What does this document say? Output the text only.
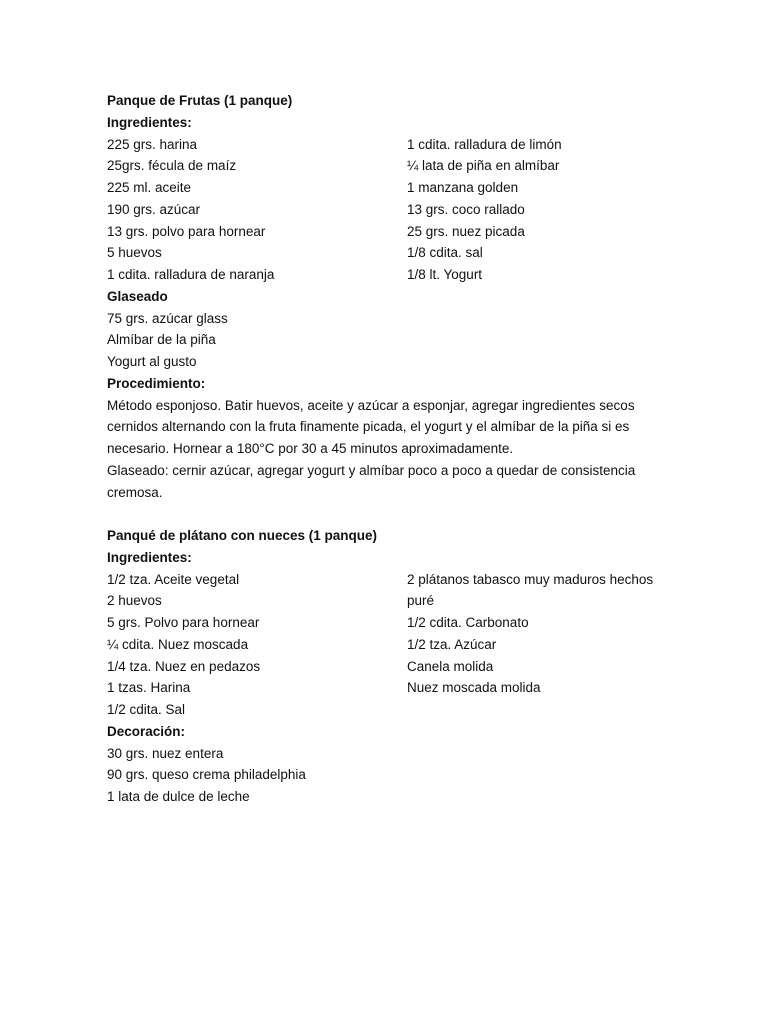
Panque de Frutas (1 panque)
Ingredientes:
225 grs. harina
25grs. fécula de maíz
225 ml. aceite
190 grs. azúcar
13 grs. polvo para hornear
5 huevos
1 cdita. ralladura de naranja
1 cdita. ralladura de limón
¼ lata de piña en almíbar
1 manzana golden
13 grs. coco rallado
25 grs. nuez picada
1/8 cdita. sal
1/8 lt. Yogurt
Glaseado
75 grs. azúcar glass
Almíbar de la piña
Yogurt al gusto
Procedimiento:
Método esponjoso. Batir huevos, aceite y azúcar a esponjar, agregar ingredientes secos cernidos alternando con la fruta finamente picada, el yogurt y el almíbar de la piña si es necesario. Hornear a 180°C por 30 a 45 minutos aproximadamente.
Glaseado: cernir azúcar, agregar yogurt y almíbar poco a poco a quedar de consistencia cremosa.
Panqué de plátano con nueces (1 panque)
Ingredientes:
1/2 tza. Aceite vegetal
2 huevos
5 grs. Polvo para hornear
¼ cdita. Nuez moscada
1/4 tza. Nuez en pedazos
1 tzas. Harina
1/2 cdita. Sal
2 plátanos tabasco muy maduros hechos puré
1/2 cdita. Carbonato
1/2 tza. Azúcar
Canela molida
Nuez moscada molida
Decoración:
30 grs. nuez entera
90 grs. queso crema philadelphia
1 lata de dulce de leche
